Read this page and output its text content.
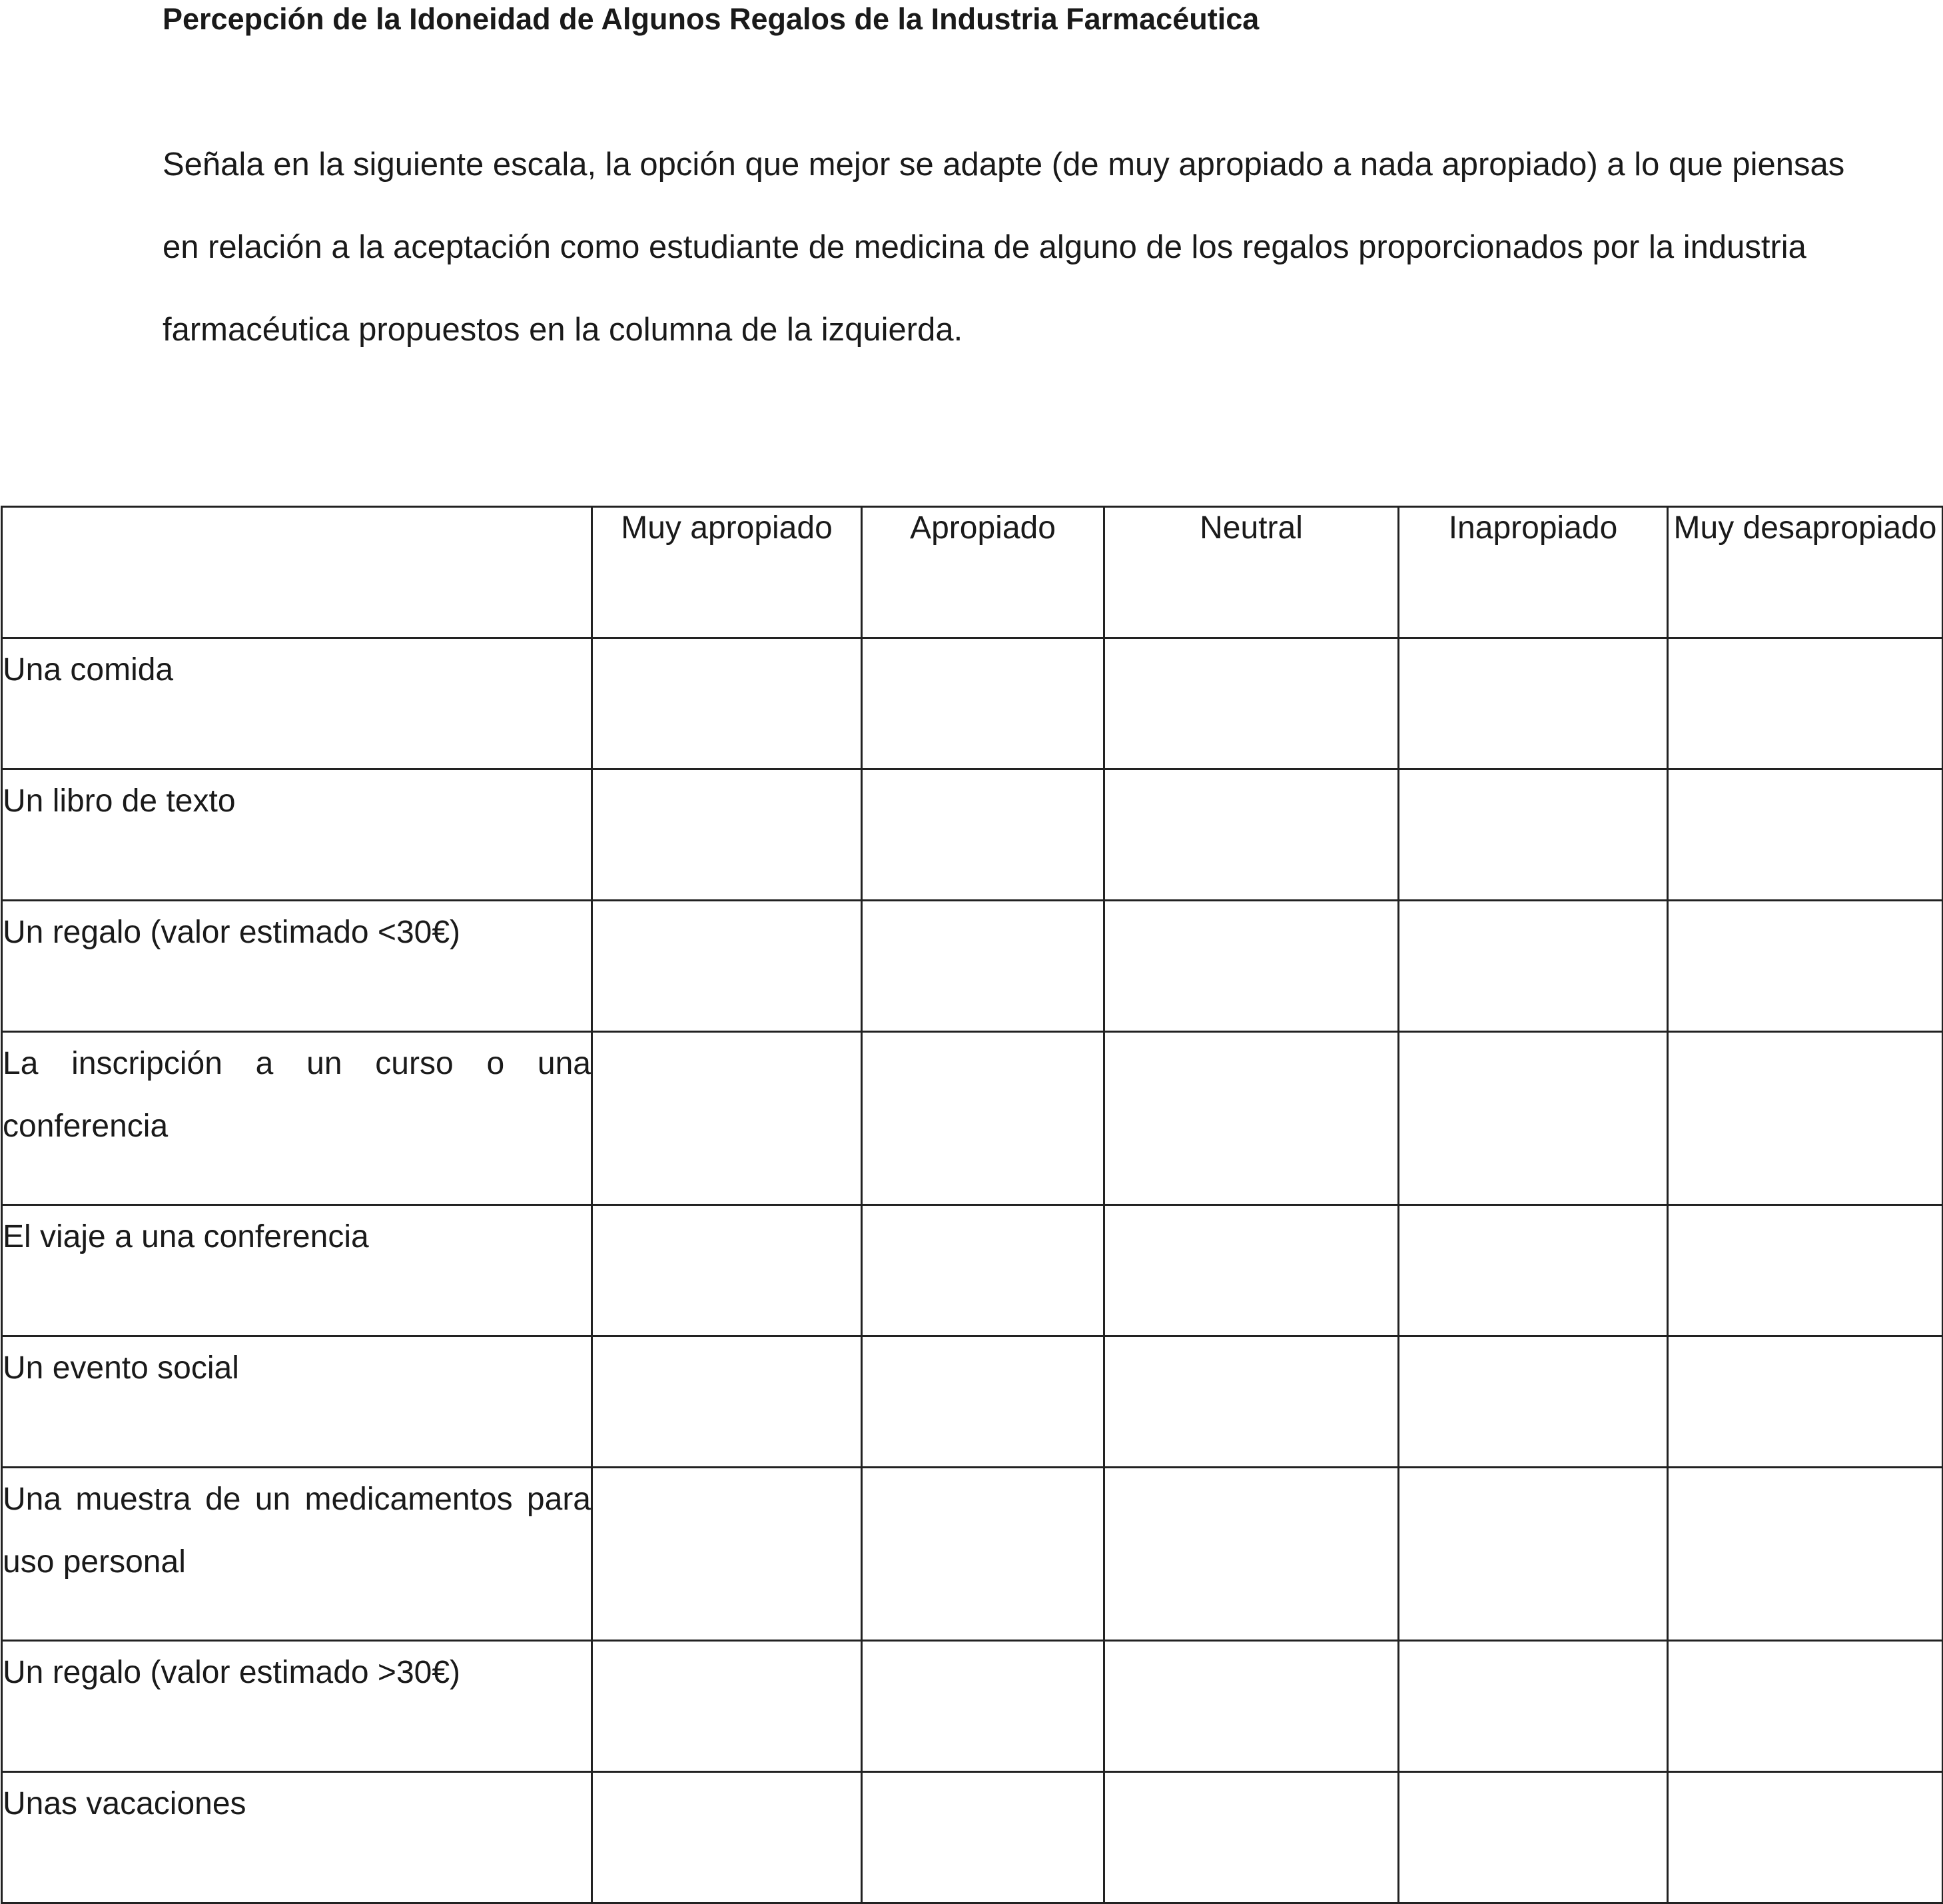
Percepción de la Idoneidad de Algunos Regalos de la Industria Farmacéutica
Señala en la siguiente escala, la opción que mejor se adapte (de muy apropiado a nada apropiado) a lo que piensas
en relación a la aceptación como estudiante de medicina de alguno de los regalos proporcionados por la industria
farmacéutica propuestos en la columna de la izquierda.
	Muy apropiado	Apropiado	Neutral	Inapropiado	Muy desapropiado
Una comida					
Un libro de texto					
Un regalo (valor estimado <30€)					
La inscripción a un curso o una conferencia					
El viaje a una conferencia					
Un evento social					
Una muestra de un medicamentos para uso personal					
Un regalo (valor estimado >30€)					
Unas vacaciones					
